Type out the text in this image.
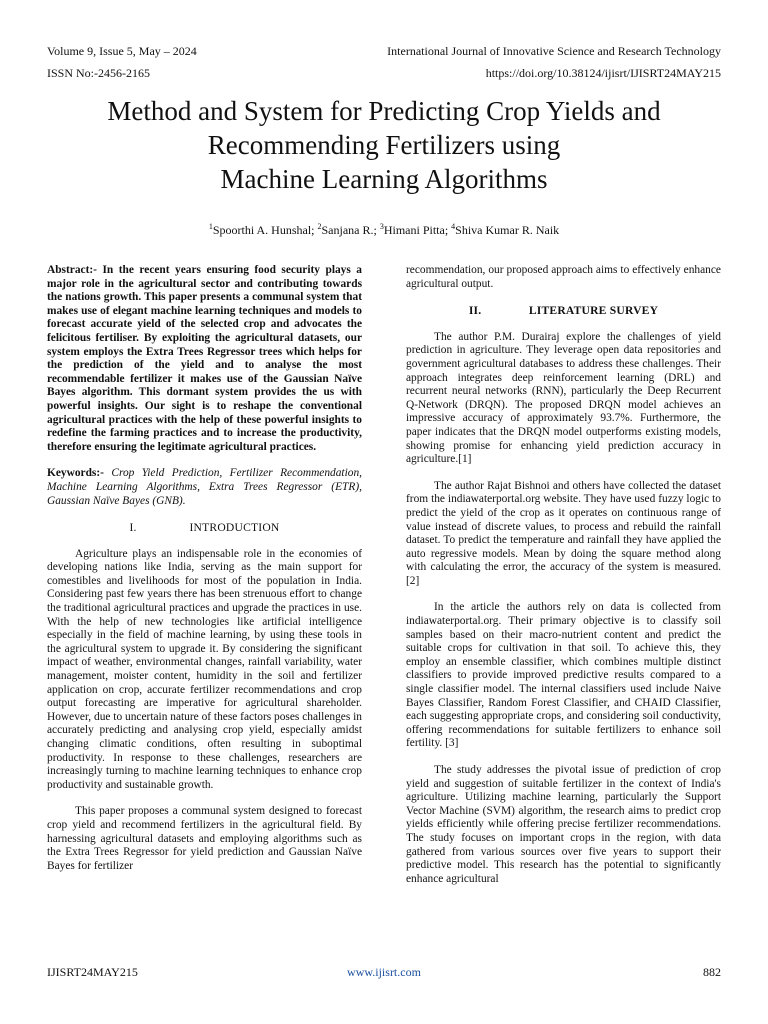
Volume 9, Issue 5, May – 2024	International Journal of Innovative Science and Research Technology
ISSN No:-2456-2165	https://doi.org/10.38124/ijisrt/IJISRT24MAY215
Method and System for Predicting Crop Yields and
Recommending Fertilizers using
Machine Learning Algorithms
$^1$Spoorthi A. Hunshal; $^2$Sanjana R.; $^3$Himani Pitta; $^4$Shiva Kumar R. Naik

Abstract:- In the recent years ensuring food security plays a major role in the agricultural sector and contributing towards the nations growth. This paper presents a communal system that makes use of elegant machine learning techniques and models to forecast accurate yield of the selected crop and advocates the felicitous fertiliser. By exploiting the agricultural datasets, our system employs the Extra Trees Regressor trees which helps for the prediction of the yield and to analyse the most recommendable fertilizer it makes use of the Gaussian Naïve Bayes algorithm. This dormant system provides the us with powerful insights. Our sight is to reshape the conventional agricultural practices with the help of these powerful insights to redefine the farming practices and to increase the productivity, therefore ensuring the legitimate agricultural practices.

Keywords:- Crop Yield Prediction, Fertilizer Recommendation, Machine Learning Algorithms, Extra Trees Regressor (ETR), Gaussian Naïve Bayes (GNB).

I.	INTRODUCTION

Agriculture plays an indispensable role in the economies of developing nations like India, serving as the main support for comestibles and livelihoods for most of the population in India. Considering past few years there has been strenuous effort to change the traditional agricultural practices and upgrade the practices in use. With the help of new technologies like artificial intelligence especially in the field of machine learning, by using these tools in the agricultural system to upgrade it. By considering the significant impact of weather, environmental changes, rainfall variability, water management, moister content, humidity in the soil and fertilizer application on crop, accurate fertilizer recommendations and crop output forecasting are imperative for agricultural shareholder. However, due to uncertain nature of these factors poses challenges in accurately predicting and analysing crop yield, especially amidst changing climatic conditions, often resulting in suboptimal productivity. In response to these challenges, researchers are increasingly turning to machine learning techniques to enhance crop productivity and sustainable growth.

This paper proposes a communal system designed to forecast crop yield and recommend fertilizers in the agricultural field. By harnessing agricultural datasets and employing algorithms such as the Extra Trees Regressor for yield prediction and Gaussian Naïve Bayes for fertilizer

recommendation, our proposed approach aims to effectively enhance agricultural output.

II.	LITERATURE SURVEY

The author P.M. Durairaj explore the challenges of yield prediction in agriculture. They leverage open data repositories and government agricultural databases to address these challenges. Their approach integrates deep reinforcement learning (DRL) and recurrent neural networks (RNN), particularly the Deep Recurrent Q-Network (DRQN). The proposed DRQN model achieves an impressive accuracy of approximately 93.7%. Furthermore, the paper indicates that the DRQN model outperforms existing models, showing promise for enhancing yield prediction accuracy in agriculture.[1]

The author Rajat Bishnoi and others have collected the dataset from the indiawaterportal.org website. They have used fuzzy logic to predict the yield of the crop as it operates on continuous range of value instead of discrete values, to process and rebuild the rainfall dataset. To predict the temperature and rainfall they have applied the auto regressive models. Mean by doing the square method along with calculating the error, the accuracy of the system is measured. [2]

In the article the authors rely on data is collected from indiawaterportal.org. Their primary objective is to classify soil samples based on their macro-nutrient content and predict the suitable crops for cultivation in that soil. To achieve this, they employ an ensemble classifier, which combines multiple distinct classifiers to provide improved predictive results compared to a single classifier model. The internal classifiers used include Naive Bayes Classifier, Random Forest Classifier, and CHAID Classifier, each suggesting appropriate crops, and considering soil conductivity, offering recommendations for suitable fertilizers to enhance soil fertility. [3]

The study addresses the pivotal issue of prediction of crop yield and suggestion of suitable fertilizer in the context of India's agriculture. Utilizing machine learning, particularly the Support Vector Machine (SVM) algorithm, the research aims to predict crop yields efficiently while offering precise fertilizer recommendations. The study focuses on important crops in the region, with data gathered from various sources over five years to support their predictive model. This research has the potential to significantly enhance agricultural

IJISRT24MAY215	www.ijisrt.com	882
